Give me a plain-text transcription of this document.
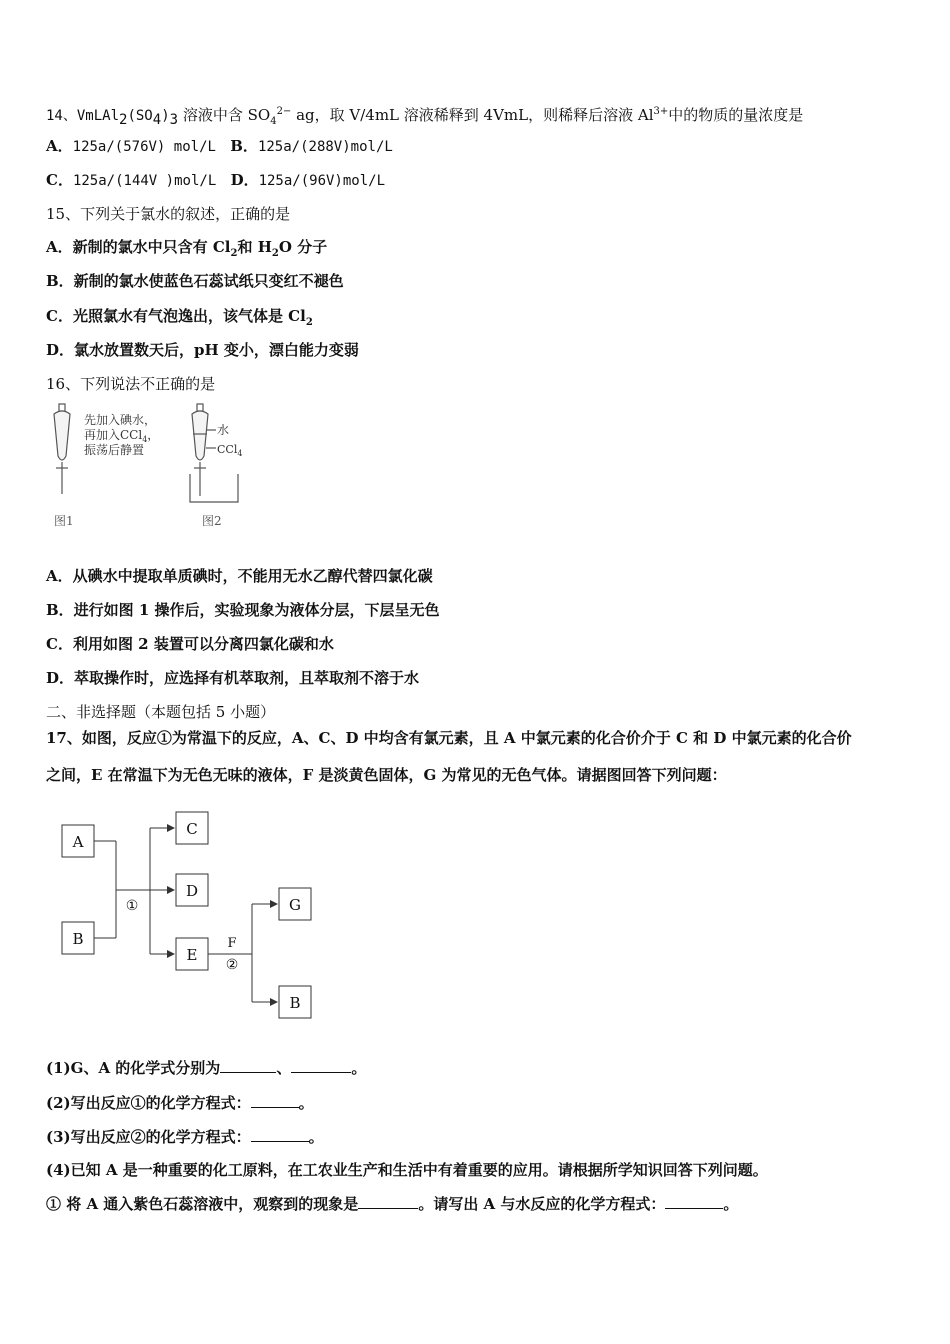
14、$VmLAl_2(SO_4)_3$ 溶液中含 $SO_4^{2-}$ ag，取 V/4mL 溶液稀释到 4VmL，则稀释后溶液 $Al^{3+}$中的物质的量浓度是
A．125a/(576V) mol/L B．125a/(288V)mol/L
C．125a/(144V )mol/L D．125a/(96V)mol/L
15、下列关于氯水的叙述，正确的是
A．新制的氯水中只含有 $Cl_2$和 $H_2O$ 分子
B．新制的氯水使蓝色石蕊试纸只变红不褪色
C．光照氯水有气泡逸出，该气体是 $Cl_2$
D．氯水放置数天后，pH 变小，漂白能力变弱
16、下列说法不正确的是
先加入碘水，
再加入CCl$_4$，
振荡后静置
图1
水
CCl$_4$
图2
A．从碘水中提取单质碘时，不能用无水乙醇代替四氯化碳
B．进行如图 1 操作后，实验现象为液体分层，下层呈无色
C．利用如图 2 装置可以分离四氯化碳和水
D．萃取操作时，应选择有机萃取剂，且萃取剂不溶于水
二、非选择题（本题包括 5 小题）
17、如图，反应①为常温下的反应，A、C、D 中均含有氯元素，且 A 中氯元素的化合价介于 C 和 D 中氯元素的化合价
之间，E 在常温下为无色无味的液体，F 是淡黄色固体，G 为常见的无色气体。请据图回答下列问题：
A
B
C
D
E
G
B
①
F
②
(1)G、A 的化学式分别为	、	。
(2)写出反应①的化学方程式：	。
(3)写出反应②的化学方程式：	。
(4)已知 A 是一种重要的化工原料，在工农业生产和生活中有着重要的应用。请根据所学知识回答下列问题。
① 将 A 通入紫色石蕊溶液中，观察到的现象是	。请写出 A 与水反应的化学方程式：	。
